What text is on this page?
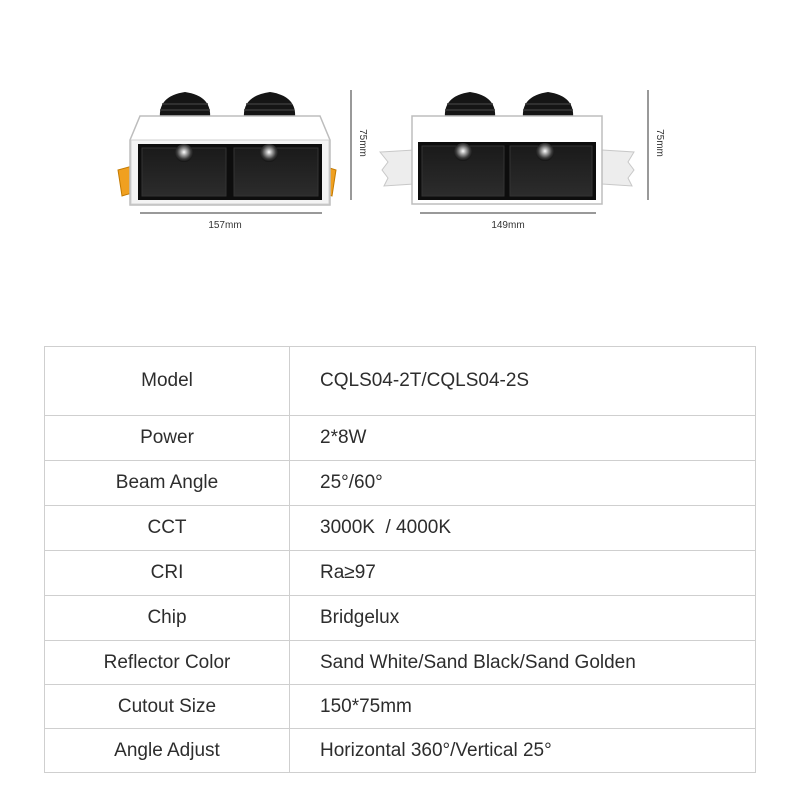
157mm
75mm
149mm
75mm
Model	CQLS04-2T/CQLS04-2S
Power	2*8W
Beam Angle	25°/60°
CCT	3000K  / 4000K
CRI	Ra≥97
Chip	Bridgelux
Reflector Color	Sand White/Sand Black/Sand Golden
Cutout Size	150*75mm
Angle Adjust	Horizontal 360°/Vertical 25°
